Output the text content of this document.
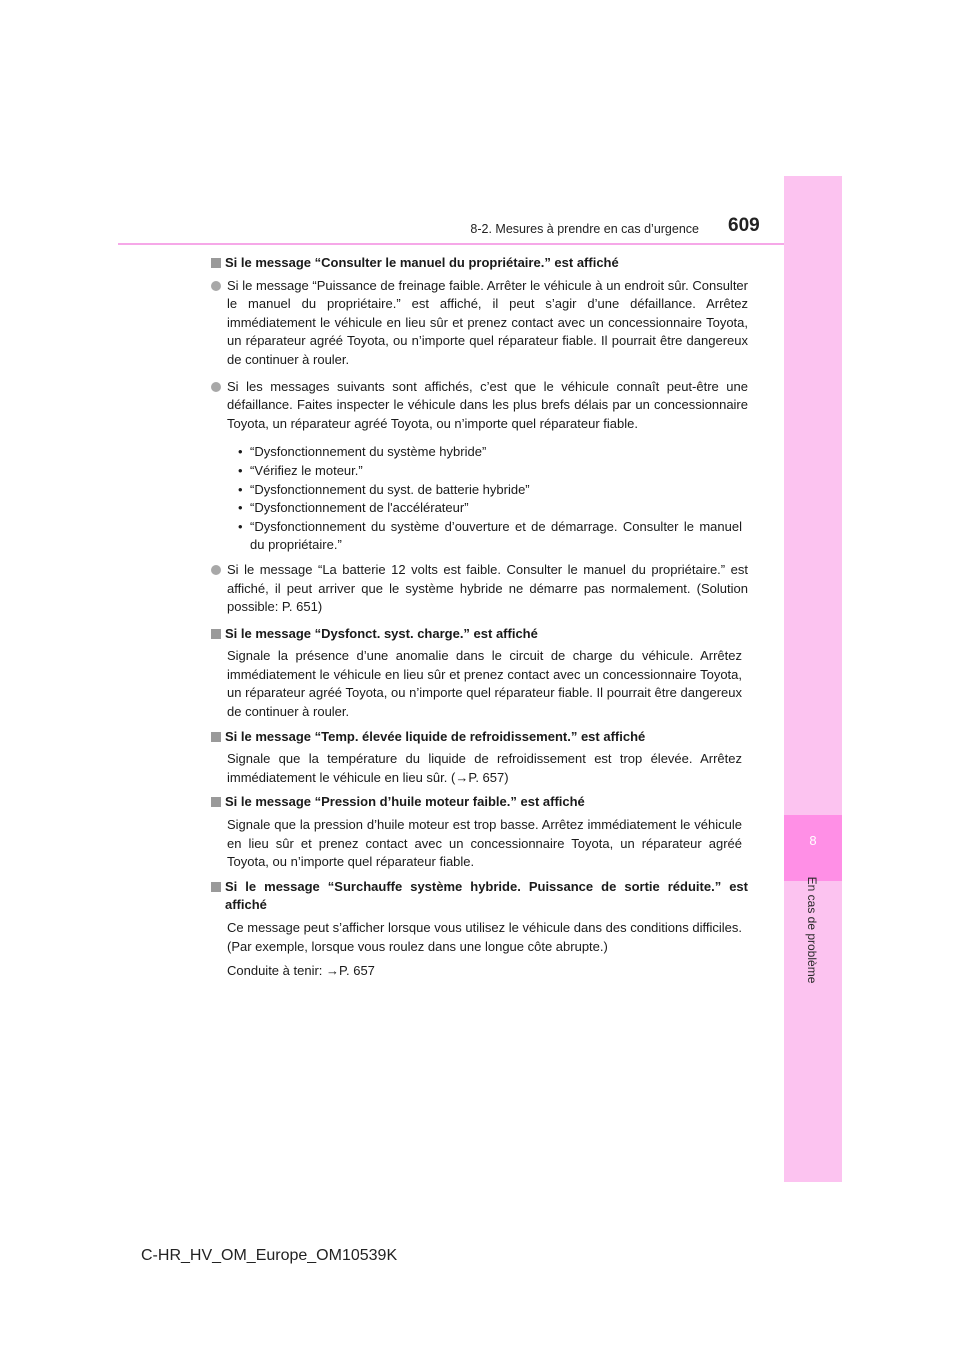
8
En cas de problème
8-2. Mesures à prendre en cas d’urgence 609
Si le message “Consulter le manuel du propriétaire.” est affiché
Si le message “Puissance de freinage faible. Arrêter le véhicule à un endroit sûr. Consulter le manuel du propriétaire.” est affiché, il peut s’agir d’une défaillance. Arrêtez immédiatement le véhicule en lieu sûr et prenez contact avec un concessionnaire Toyota, un réparateur agréé Toyota, ou n’importe quel réparateur fiable. Il pourrait être dangereux de continuer à rouler.
Si les messages suivants sont affichés, c’est que le véhicule connaît peut-être une défaillance. Faites inspecter le véhicule dans les plus brefs délais par un concessionnaire Toyota, un réparateur agréé Toyota, ou n’importe quel réparateur fiable.
• “Dysfonctionnement du système hybride”
• “Vérifiez le moteur.”
• “Dysfonctionnement du syst. de batterie hybride”
• “Dysfonctionnement de l'accélérateur”
• “Dysfonctionnement du système d’ouverture et de démarrage. Consulter le manuel du propriétaire.”
Si le message “La batterie 12 volts est faible. Consulter le manuel du propriétaire.” est affiché, il peut arriver que le système hybride ne démarre pas normalement. (Solution possible: P. 651)
Si le message “Dysfonct. syst. charge.” est affiché
Signale la présence d’une anomalie dans le circuit de charge du véhicule. Arrêtez immédiatement le véhicule en lieu sûr et prenez contact avec un concessionnaire Toyota, un réparateur agréé Toyota, ou n’importe quel réparateur fiable. Il pourrait être dangereux de continuer à rouler.
Si le message “Temp. élevée liquide de refroidissement.” est affiché
Signale que la température du liquide de refroidissement est trop élevée. Arrêtez immédiatement le véhicule en lieu sûr. (→P. 657)
Si le message “Pression d’huile moteur faible.” est affiché
Signale que la pression d’huile moteur est trop basse. Arrêtez immédiatement le véhicule en lieu sûr et prenez contact avec un concessionnaire Toyota, un réparateur agréé Toyota, ou n’importe quel réparateur fiable.
Si le message “Surchauffe système hybride. Puissance de sortie réduite.” est affiché
Ce message peut s’afficher lorsque vous utilisez le véhicule dans des conditions difficiles. (Par exemple, lorsque vous roulez dans une longue côte abrupte.)
Conduite à tenir: →P. 657
C-HR_HV_OM_Europe_OM10539K
